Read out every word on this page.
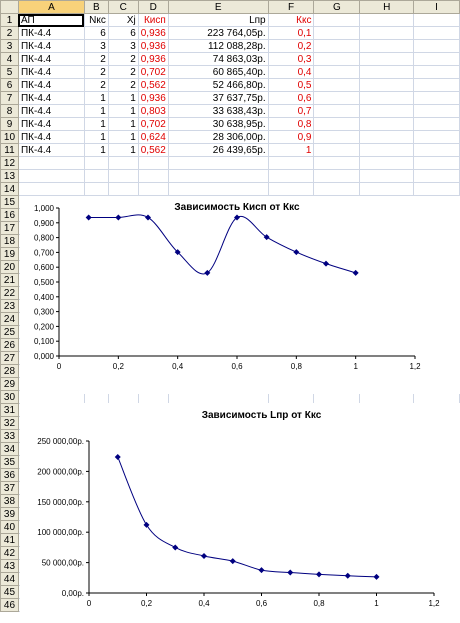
	A	B	C	D	E	F	G	H	I
1	АП	Nкс	Xj	Кисп	Lпр	Ккс			
2	ПК-4.4	6	6	0,936	223 764,05р.	0,1			
3	ПК-4.4	3	3	0,936	112 088,28р.	0,2			
4	ПК-4.4	2	2	0,936	74 863,03р.	0,3			
5	ПК-4.4	2	2	0,702	60 865,40р.	0,4			
6	ПК-4.4	2	2	0,562	52 466,80р.	0,5			
7	ПК-4.4	1	1	0,936	37 637,75р.	0,6			
8	ПК-4.4	1	1	0,803	33 638,43р.	0,7			
9	ПК-4.4	1	1	0,702	30 638,95р.	0,8			
10	ПК-4.4	1	1	0,624	28 306,00р.	0,9			
11	ПК-4.4	1	1	0,562	26 439,65р.	1			
12									
13									
14									
15									
16									
17									
18									
19									
20									
21									
22									
23									
24									
25									
26									
27									
28									
29									
30									
31									
32									
33									
34									
35									
36									
37									
38									
39									
40									
41									
42									
43									
44									
45									
46									
Зависимость Кисп от Ккс
0,000
0,100
0,200
0,300
0,400
0,500
0,600
0,700
0,800
0,900
1,000
0	0,2	0,4	0,6	0,8	1	1,2
Зависимость Lпр от Ккс
0,00р.
50 000,00р.
100 000,00р.
150 000,00р.
200 000,00р.
250 000,00р.
0	0,2	0,4	0,6	0,8	1	1,2
